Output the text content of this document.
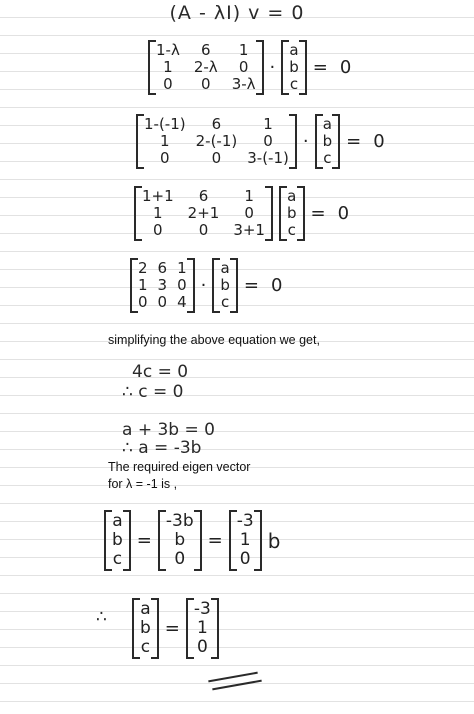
(A - λI) v = 0
1-λ	6	1
1	2-λ	0
0	0	3-λ
·
a
b
c
= 0
1-(-1)	6	1
1	2-(-1)	0
0	0	3-(-1)
·
a
b
c
= 0
1+1	6	1
1	2+1	0
0	0	3+1
a
b
c
= 0
2 6 1
1 3 0
0 0 4
·
a
b
c
= 0
simplifying the above equation we get,
4c = 0
∴ c = 0
a + 3b = 0
∴ a = -3b
The required eigen vector
for λ = -1 is ,
a
b
c
=
-3b
b
0
=
-3
1
0
b
∴ a
b
c
=
-3
1
0
